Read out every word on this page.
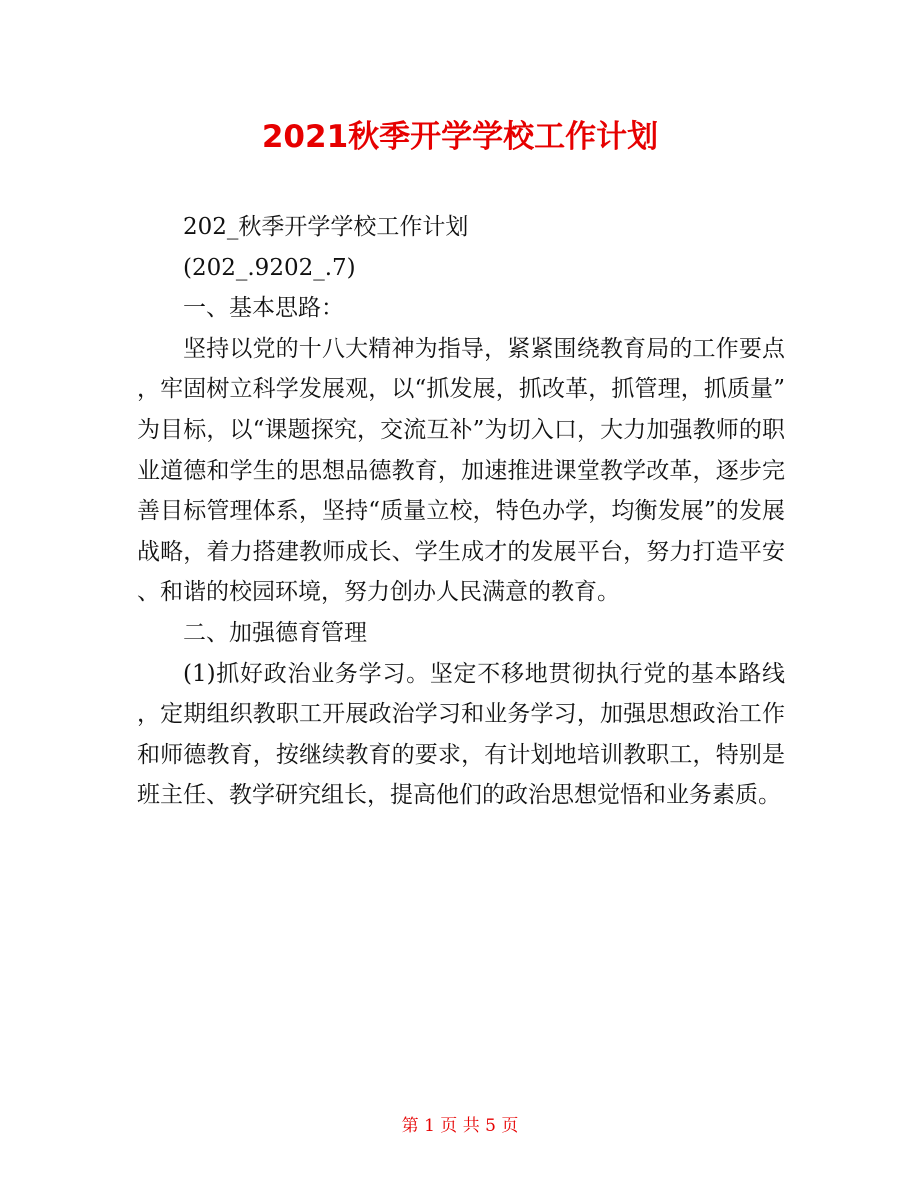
2021秋季开学学校工作计划

202_秋季开学学校工作计划

(202_.9202_.7)

一、基本思路：

坚持以党的十八大精神为指导，紧紧围绕教育局的工作要点，牢固树立科学发展观，以“抓发展，抓改革，抓管理，抓质量”为目标，以“课题探究，交流互补”为切入口，大力加强教师的职业道德和学生的思想品德教育，加速推进课堂教学改革，逐步完善目标管理体系，坚持“质量立校，特色办学，均衡发展”的发展战略，着力搭建教师成长、学生成才的发展平台，努力打造平安、和谐的校园环境，努力创办人民满意的教育。

二、加强德育管理

(1)抓好政治业务学习。坚定不移地贯彻执行党的基本路线，定期组织教职工开展政治学习和业务学习，加强思想政治工作和师德教育，按继续教育的要求，有计划地培训教职工，特别是班主任、教学研究组长，提高他们的政治思想觉悟和业务素质。

第 1 页 共 5 页
